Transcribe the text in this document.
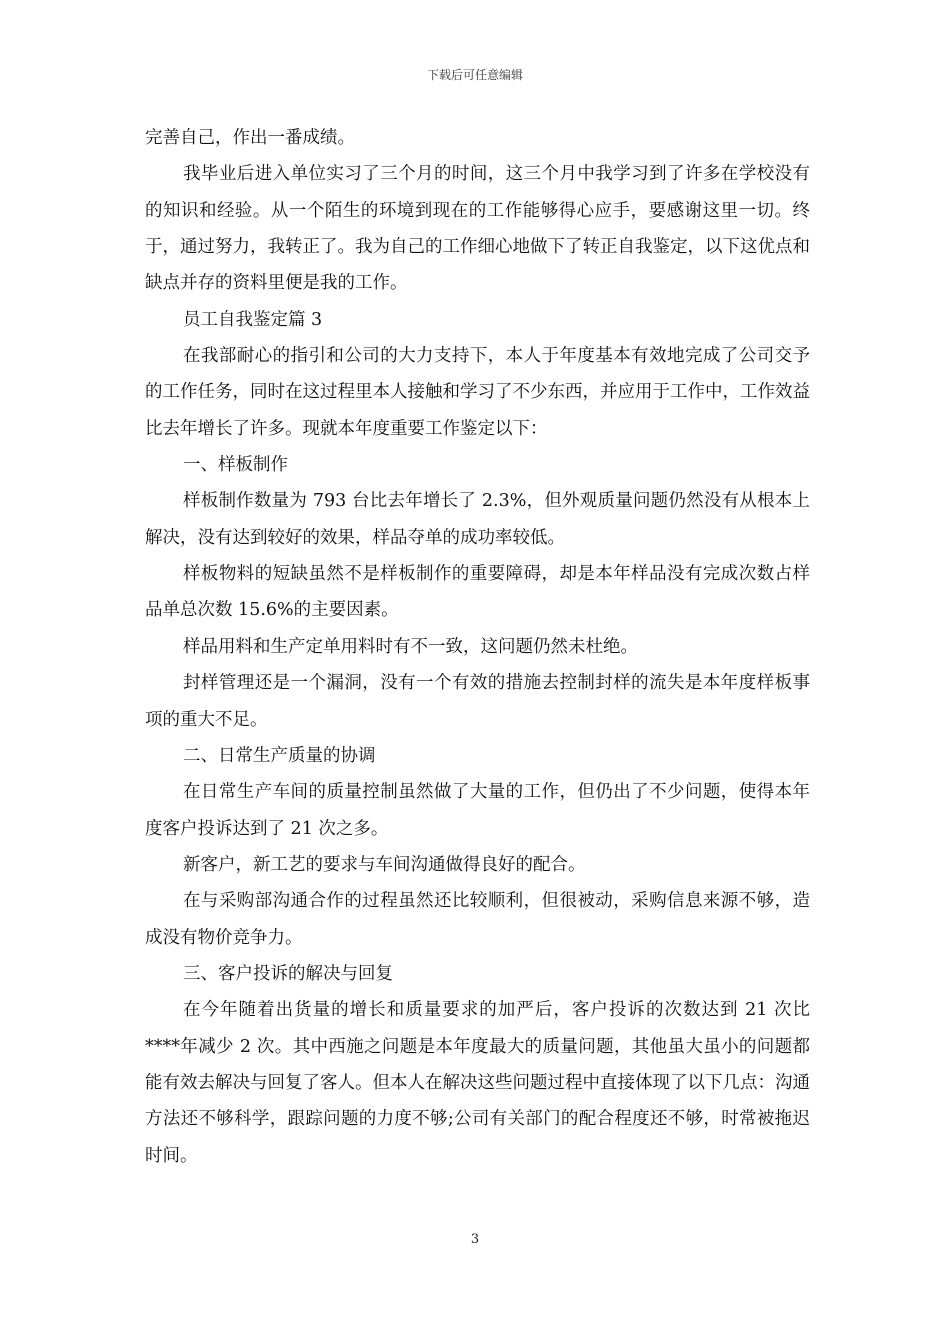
下载后可任意编辑

完善自己，作出一番成绩。

我毕业后进入单位实习了三个月的时间，这三个月中我学习到了许多在学校没有的知识和经验。从一个陌生的环境到现在的工作能够得心应手，要感谢这里一切。终于，通过努力，我转正了。我为自己的工作细心地做下了转正自我鉴定，以下这优点和缺点并存的资料里便是我的工作。

员工自我鉴定篇 3

在我部耐心的指引和公司的大力支持下，本人于年度基本有效地完成了公司交予的工作任务，同时在这过程里本人接触和学习了不少东西，并应用于工作中，工作效益比去年增长了许多。现就本年度重要工作鉴定以下：

一、样板制作

样板制作数量为 793 台比去年增长了 2.3%，但外观质量问题仍然没有从根本上解决，没有达到较好的效果，样品夺单的成功率较低。

样板物料的短缺虽然不是样板制作的重要障碍，却是本年样品没有完成次数占样品单总次数 15.6%的主要因素。

样品用料和生产定单用料时有不一致，这问题仍然未杜绝。

封样管理还是一个漏洞，没有一个有效的措施去控制封样的流失是本年度样板事项的重大不足。

二、日常生产质量的协调

在日常生产车间的质量控制虽然做了大量的工作，但仍出了不少问题，使得本年度客户投诉达到了 21 次之多。

新客户，新工艺的要求与车间沟通做得良好的配合。

在与采购部沟通合作的过程虽然还比较顺利，但很被动，采购信息来源不够，造成没有物价竞争力。

三、客户投诉的解决与回复

在今年随着出货量的增长和质量要求的加严后，客户投诉的次数达到 21 次比****年减少 2 次。其中西施之问题是本年度最大的质量问题，其他虽大虽小的问题都能有效去解决与回复了客人。但本人在解决这些问题过程中直接体现了以下几点：沟通方法还不够科学，跟踪问题的力度不够;公司有关部门的配合程度还不够，时常被拖迟时间。

3
